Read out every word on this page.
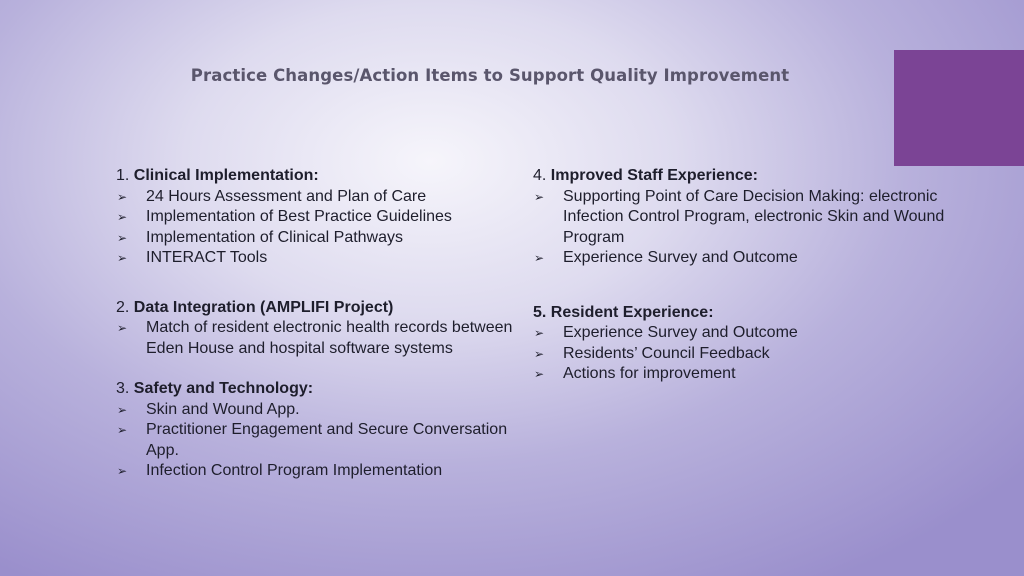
Practice Changes/Action Items to Support Quality Improvement
1. Clinical Implementation:
➢ 24 Hours Assessment and Plan of Care
➢ Implementation of Best Practice Guidelines
➢ Implementation of Clinical Pathways
➢ INTERACT Tools
2. Data Integration (AMPLIFI Project)
➢ Match of resident electronic health records between Eden House and hospital software systems
3. Safety and Technology:
➢ Skin and Wound App.
➢ Practitioner Engagement and Secure Conversation App.
➢ Infection Control Program Implementation
4. Improved Staff Experience:
➢ Supporting Point of Care Decision Making: electronic Infection Control Program, electronic Skin and Wound Program
➢ Experience Survey and Outcome
5. Resident Experience:
➢ Experience Survey and Outcome
➢ Residents’ Council Feedback
➢ Actions for improvement
